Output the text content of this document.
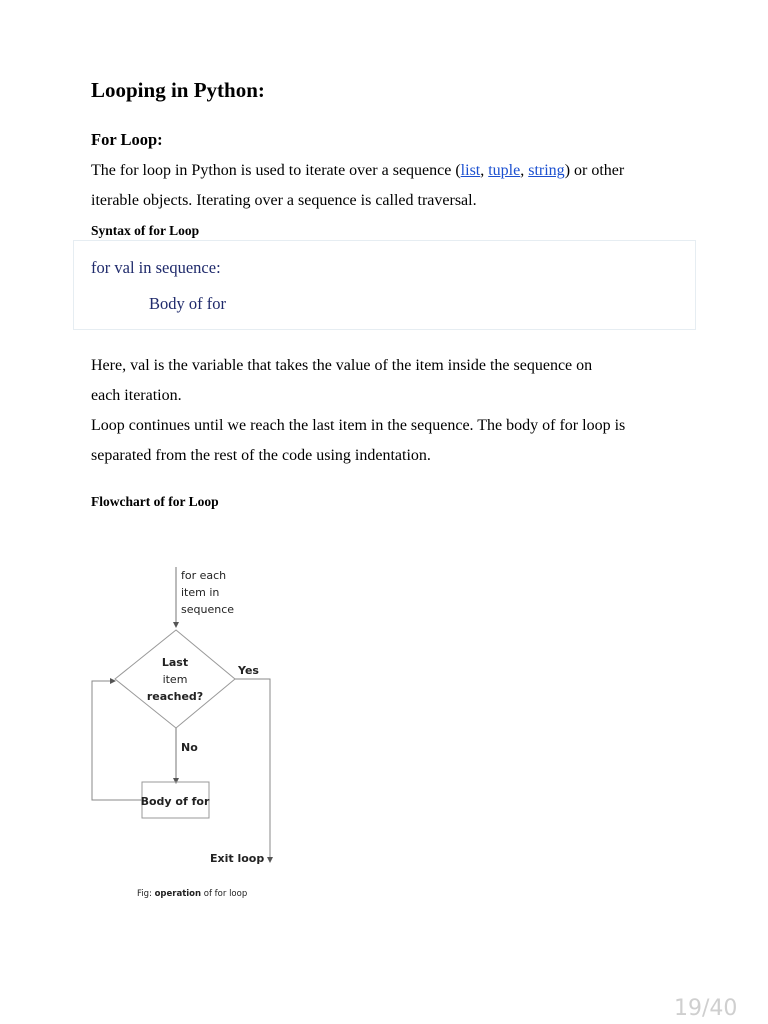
Looping in Python:
For Loop:
The for loop in Python is used to iterate over a sequence (list, tuple, string) or other
iterable objects. Iterating over a sequence is called traversal.
Syntax of for Loop
for val in sequence:
Body of for
Here, val is the variable that takes the value of the item inside the sequence on
each iteration.
Loop continues until we reach the last item in the sequence. The body of for loop is
separated from the rest of the code using indentation.
Flowchart of for Loop
for each
item in
sequence
Last
item
reached?
Yes
No
Body of for
Exit loop
Fig: operation of for loop
19/40
